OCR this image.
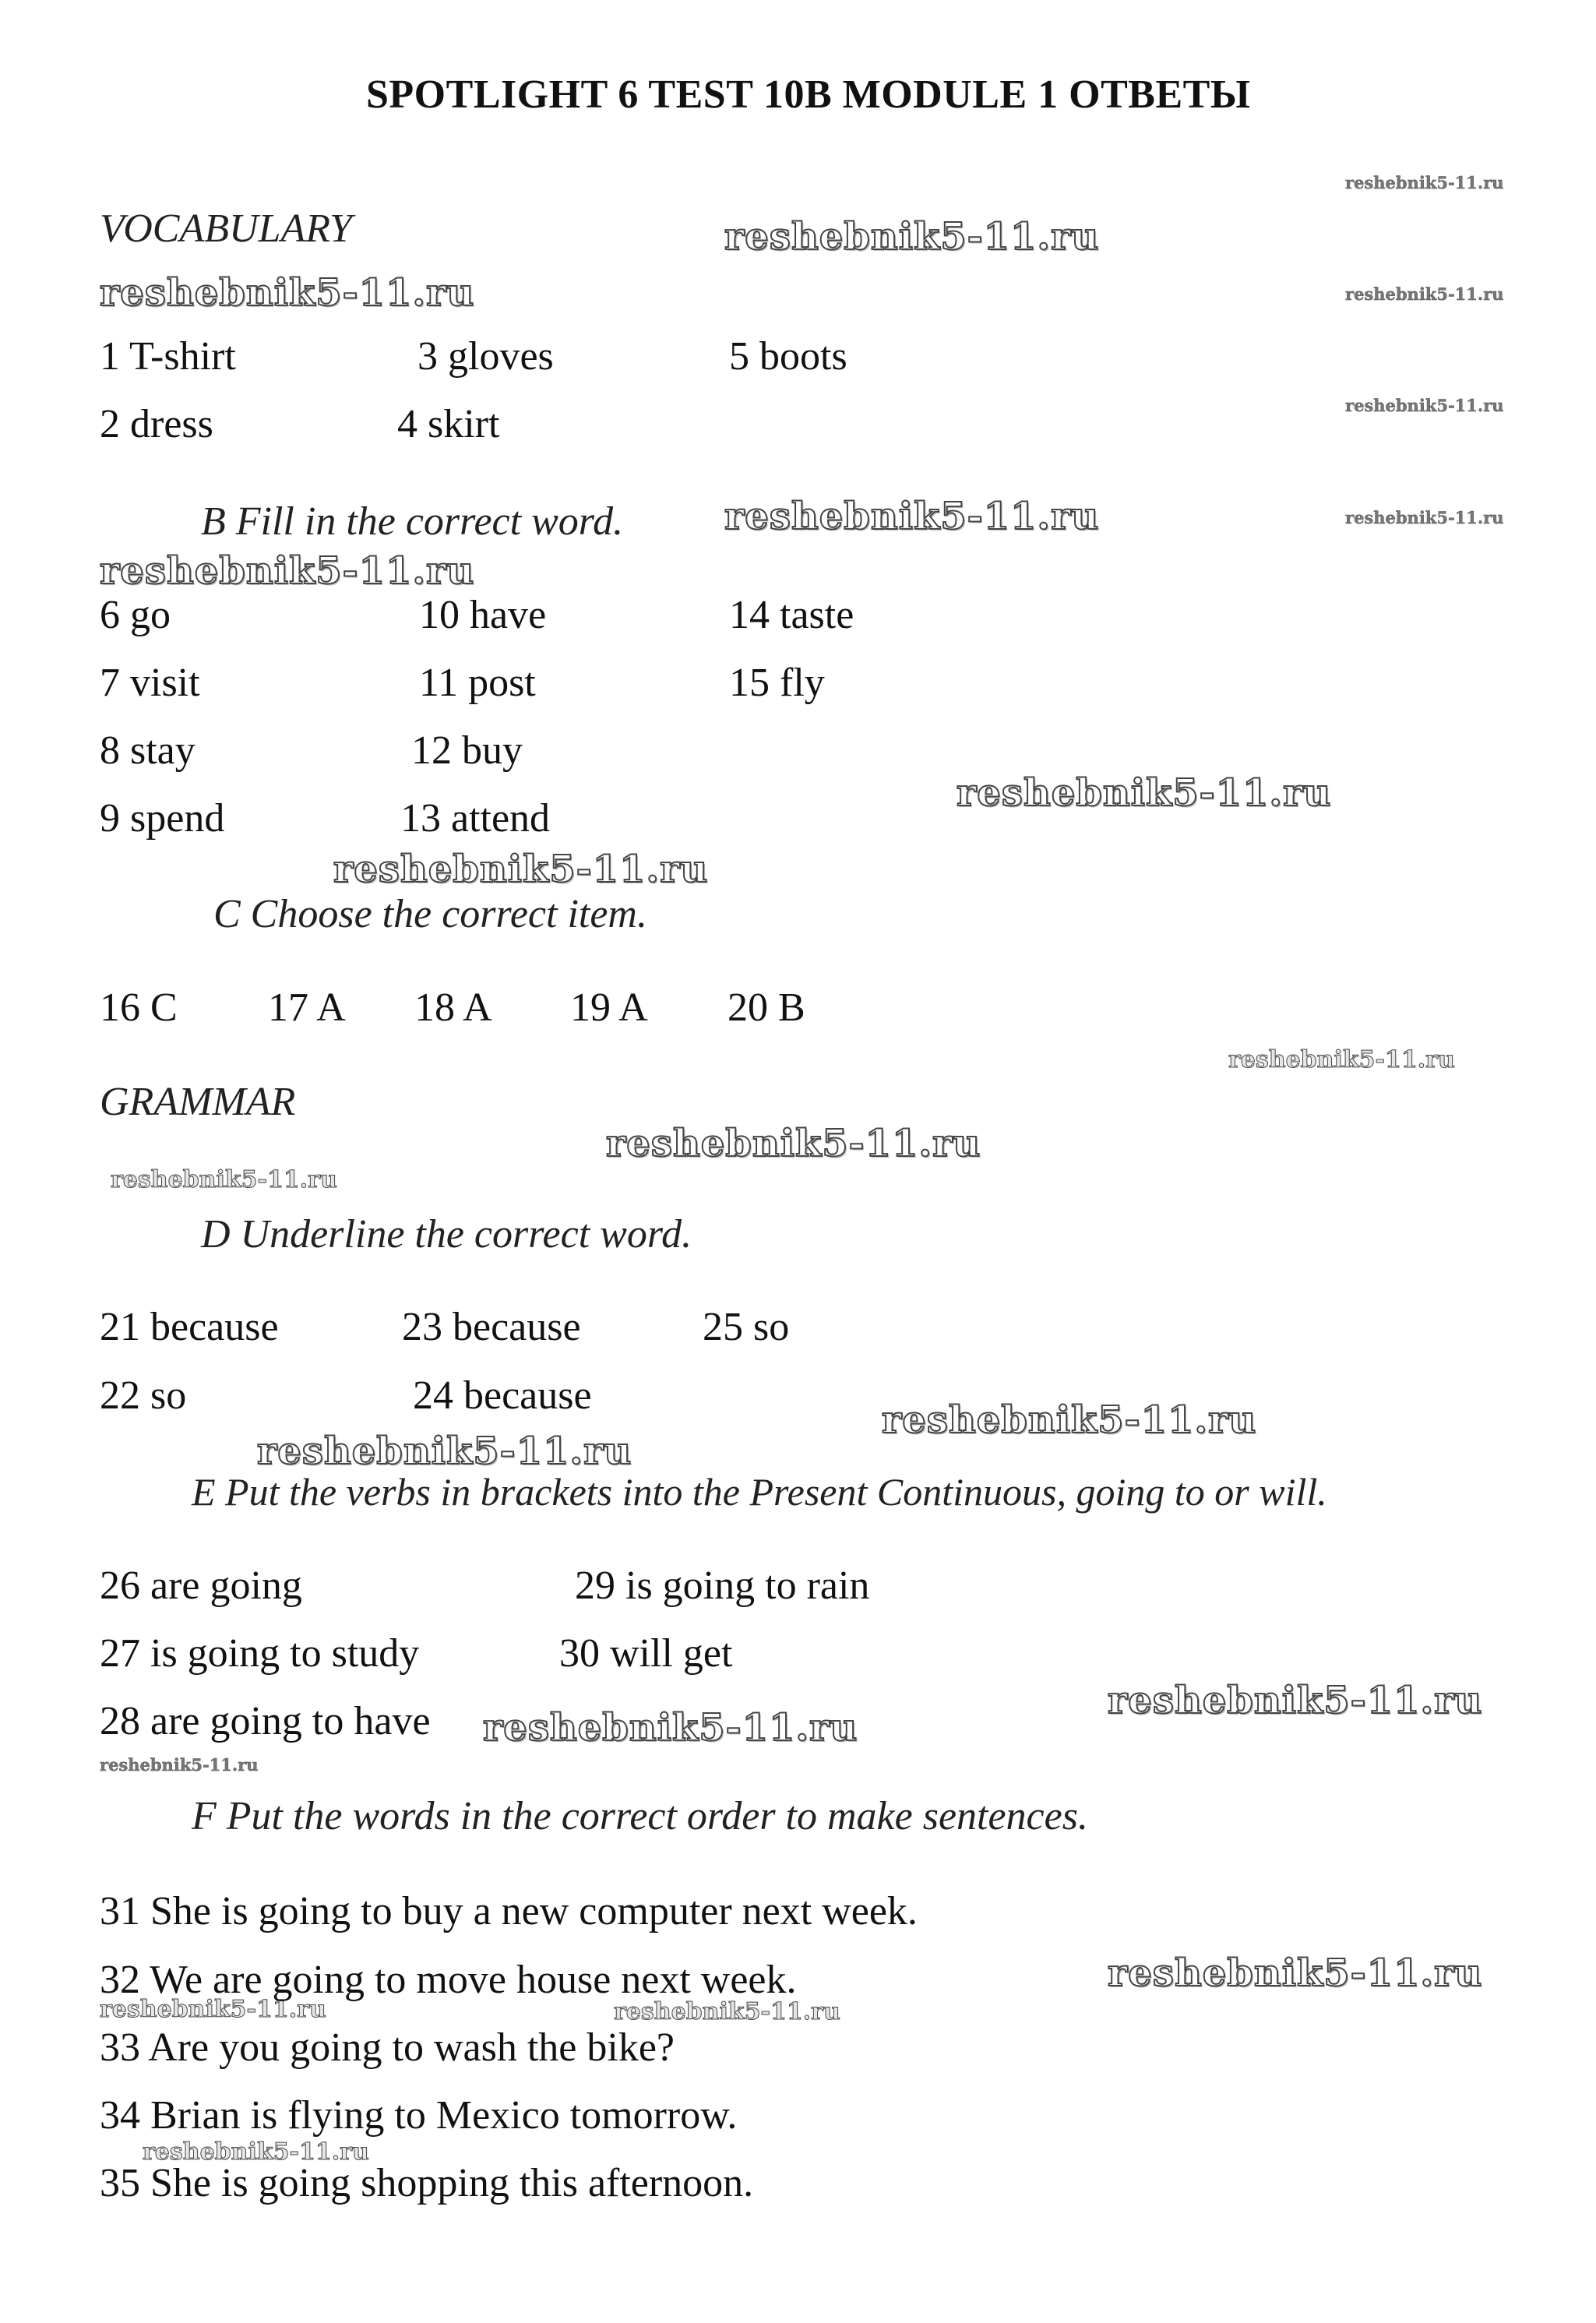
SPOTLIGHT 6 TEST 10B MODULE 1 ОТВЕТЫ
reshebnik5-11.ru
reshebnik5-11.ru
reshebnik5-11.ru	reshebnik5-11.ru
reshebnik5-11.ru
reshebnik5-11.ru	reshebnik5-11.ru
reshebnik5-11.ru
reshebnik5-11.ru
reshebnik5-11.ru
reshebnik5-11.ru
reshebnik5-11.ru
reshebnik5-11.ru
reshebnik5-11.ru
reshebnik5-11.ru
reshebnik5-11.ru
reshebnik5-11.ru
reshebnik5-11.ru
reshebnik5-11.ru
reshebnik5-11.ru	reshebnik5-11.ru
reshebnik5-11.ru
VOCABULARY
1 T-shirt	3 gloves	5 boots
2 dress	4 skirt
B Fill in the correct word.
6 go	10 have	14 taste
7 visit	11 post	15 fly
8 stay	12 buy
9 spend	13 attend
C Choose the correct item.
16 C 17 A 18 A 19 A 20 B
GRAMMAR
D Underline the correct word.
21 because	23 because	25 so
22 so	24 because
E Put the verbs in brackets into the Present Continuous, going to or will.
26 are going	29 is going to rain
27 is going to study	30 will get
28 are going to have
F Put the words in the correct order to make sentences.
31 She is going to buy a new computer next week.
32 We are going to move house next week.
33 Are you going to wash the bike?
34 Brian is flying to Mexico tomorrow.
35 She is going shopping this afternoon.
